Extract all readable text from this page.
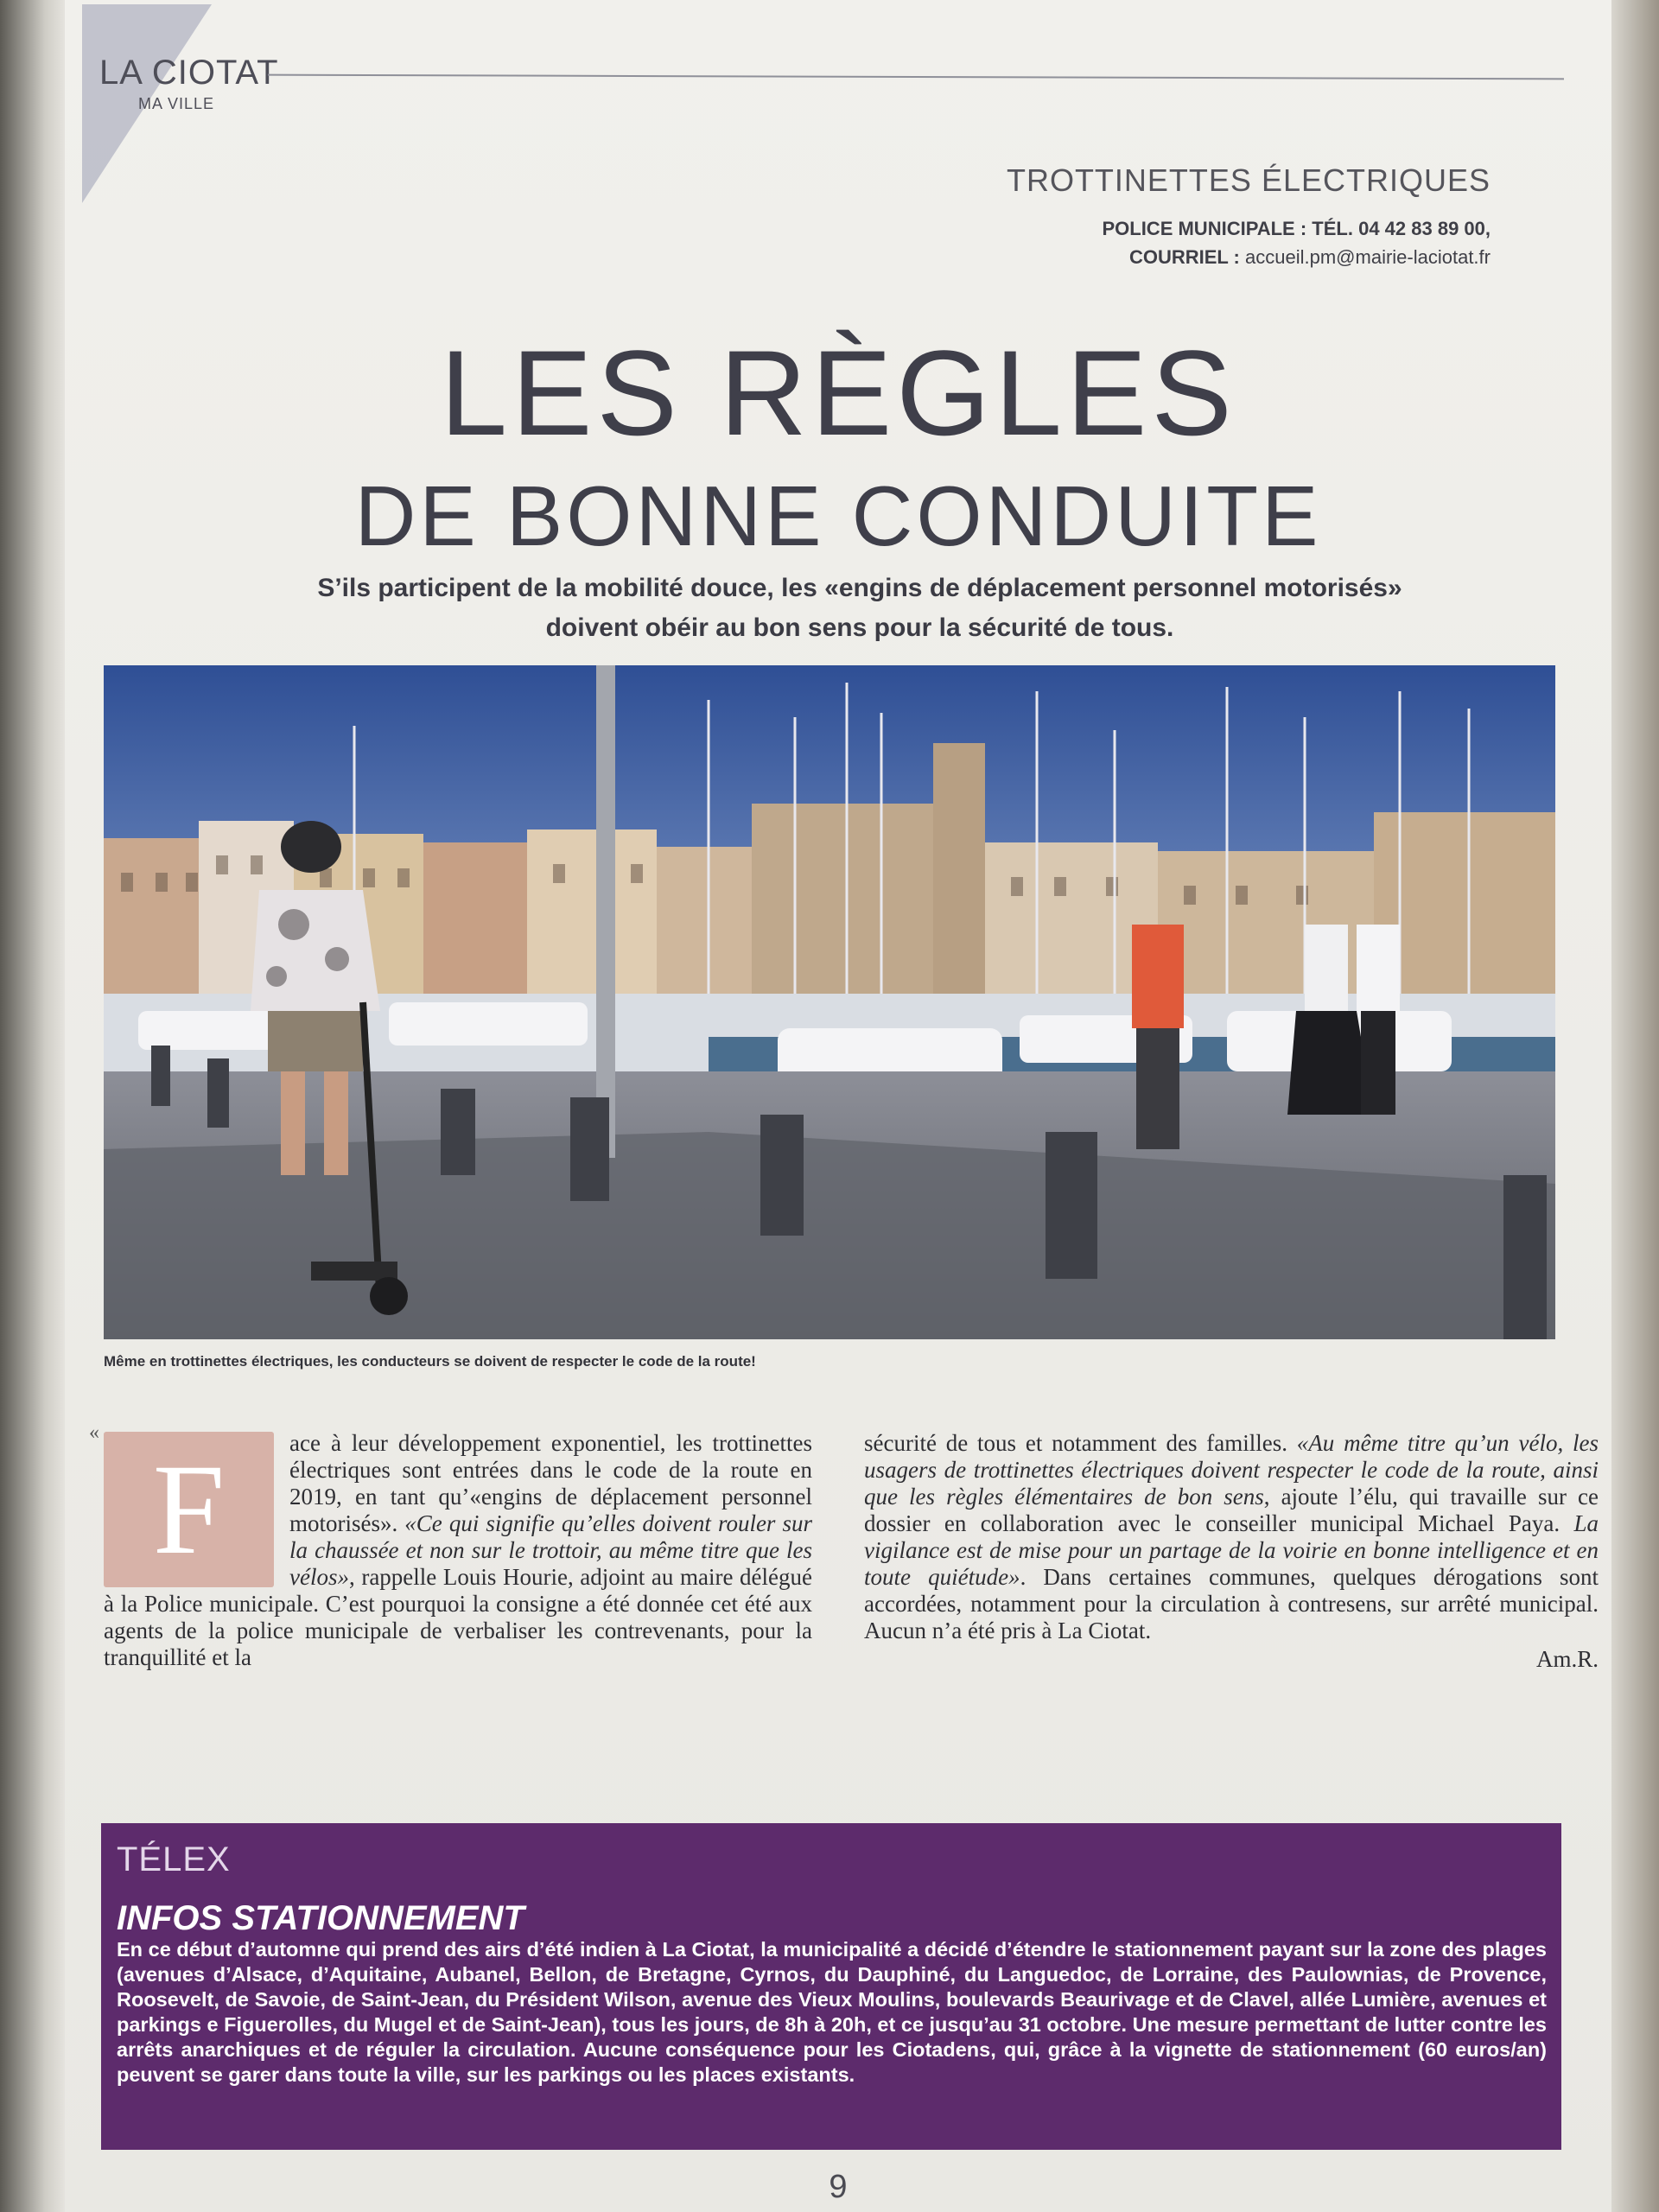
LA CIOTAT
MA VILLE
TROTTINETTES ÉLECTRIQUES
POLICE MUNICIPALE : TÉL. 04 42 83 89 00,
COURRIEL : accueil.pm@mairie-laciotat.fr
LES RÈGLES
DE BONNE CONDUITE
S’ils participent de la mobilité douce, les «engins de déplacement personnel motorisés»
doivent obéir au bon sens pour la sécurité de tous.
Même en trottinettes électriques, les conducteurs se doivent de respecter le code de la route!
«
F	ace à leur développement exponentiel, les trottinettes électriques sont entrées dans le code de la route en 2019, en tant qu’«engins de déplacement personnel motorisés». «Ce qui signifie qu’elles doivent rouler sur la chaussée et non sur le trottoir, au même titre que les vélos», rappelle Louis Hourie, adjoint au maire délégué à la Police municipale. C’est pourquoi la consigne a été donnée cet été aux agents de la police municipale de verbaliser les contrevenants, pour la tranquillité et la

sécurité de tous et notamment des familles. «Au même titre qu’un vélo, les usagers de trottinettes électriques doivent respecter le code de la route, ainsi que les règles élémentaires de bon sens, ajoute l’élu, qui travaille sur ce dossier en collaboration avec le conseiller municipal Michael Paya. La vigilance est de mise pour un partage de la voirie en bonne intelligence et en toute quiétude». Dans certaines communes, quelques dérogations sont accordées, notamment pour la circulation à contresens, sur arrêté municipal. Aucun n’a été pris à La Ciotat.

Am.R.

TÉLEX
INFOS STATIONNEMENT
En ce début d’automne qui prend des airs d’été indien à La Ciotat, la municipalité a décidé d’étendre le stationnement payant sur la zone des plages (avenues d’Alsace, d’Aquitaine, Aubanel, Bellon, de Bretagne, Cyrnos, du Dauphiné, du Languedoc, de Lorraine, des Paulownias, de Provence, Roosevelt, de Savoie, de Saint-Jean, du Président Wilson, avenue des Vieux Moulins, boulevards Beaurivage et de Clavel, allée Lumière, avenues et parkings e Figuerolles, du Mugel et de Saint-Jean), tous les jours, de 8h à 20h, et ce jusqu’au 31 octobre. Une mesure permettant de lutter contre les arrêts anarchiques et de réguler la circulation. Aucune conséquence pour les Ciotadens, qui, grâce à la vignette de stationnement (60 euros/an) peuvent se garer dans toute la ville, sur les parkings ou les places existants.
9
